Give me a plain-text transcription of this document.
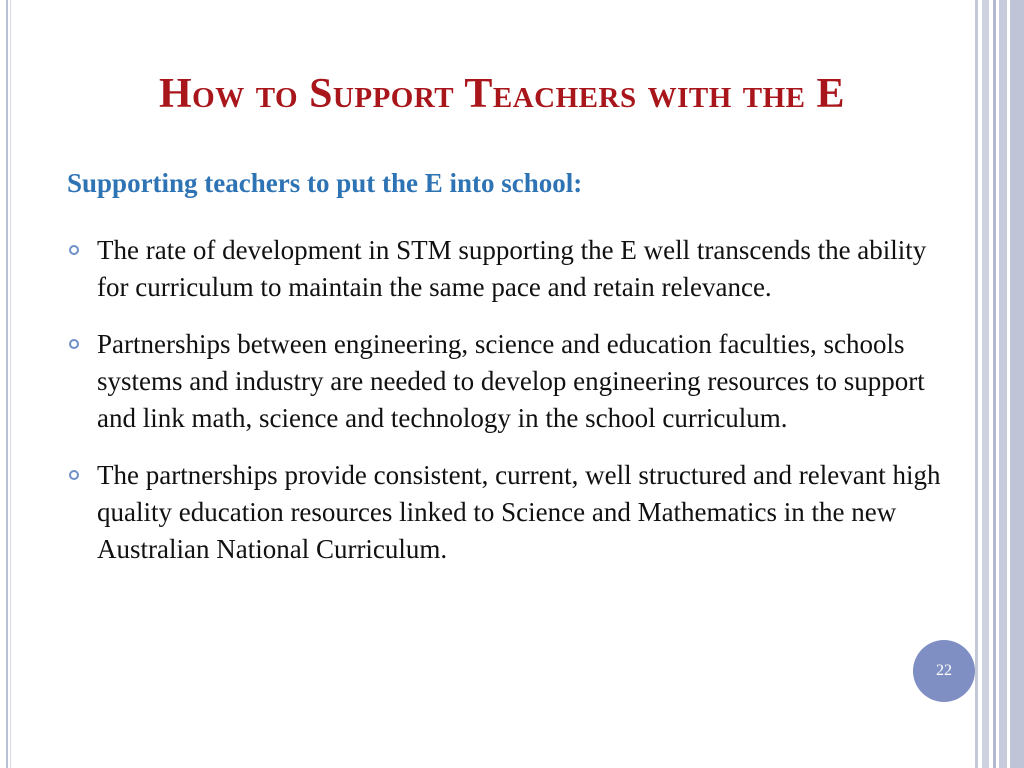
How to Support Teachers with the E

Supporting teachers to put the E into school:

The rate of development in STM supporting the E well transcends the ability for curriculum to maintain the same pace and retain relevance.
Partnerships between engineering, science and education faculties, schools systems and industry are needed to develop engineering resources to support and link math, science and technology in the school curriculum.
The partnerships provide consistent, current, well structured and relevant high quality education resources linked to Science and Mathematics in the new Australian National Curriculum.
22
